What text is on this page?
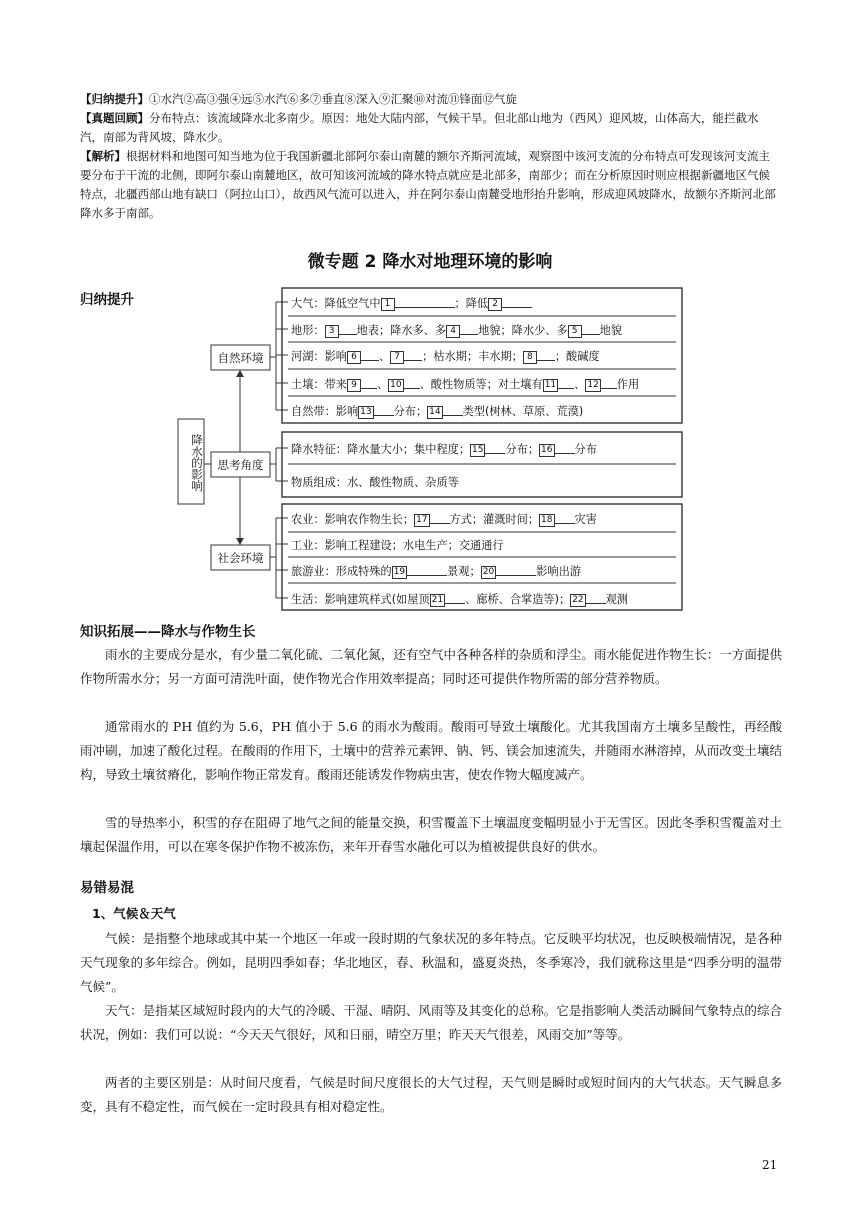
【归纳提升】①水汽②高③强④远⑤水汽⑥多⑦垂直⑧深入⑨汇聚⑩对流⑪锋面⑫气旋

【真题回顾】分布特点：该流域降水北多南少。原因：地处大陆内部，气候干旱。但北部山地为（西风）迎风坡，山体高大，能拦截水汽，南部为背风坡，降水少。

【解析】根据材料和地图可知当地为位于我国新疆北部阿尔泰山南麓的额尔齐斯河流域，观察图中该河支流的分布特点可发现该河支流主要分布于干流的北侧，即阿尔泰山南麓地区，故可知该河流域的降水特点就应是北部多，南部少；而在分析原因时则应根据新疆地区气候特点，北疆西部山地有缺口（阿拉山口），故西风气流可以进入，并在阿尔泰山南麓受地形抬升影响，形成迎风坡降水，故额尔齐斯河北部降水多于南部。

微专题 2 降水对地理环境的影响
归纳提升
降水的影响
自然环境
思考角度
社会环境
大气：降低空气中 1	；降低 2
地形： 3 地表；降水多、多 4 地貌；降水少、多 5 地貌
河湖：影响 6 、 7 ；枯水期；丰水期； 8 ；酸碱度
土壤：带来 9 、 10 、酸性物质等；对土壤有 11 、 12 作用
自然带：影响 13 分布； 14 类型(树林、草原、荒漠)
降水特征：降水量大小；集中程度； 15 分布； 16 分布
物质组成：水、酸性物质、杂质等
农业：影响农作物生长； 17 方式；灌溉时间； 18 灾害
工业：影响工程建设；水电生产；交通通行
旅游业：形成特殊的 19	景观； 20	影响出游
生活：影响建筑样式(如屋顶 21 、廊桥、合掌造等)； 22 观测
知识拓展——降水与作物生长

雨水的主要成分是水，有少量二氧化硫、二氧化氮，还有空气中各种各样的杂质和浮尘。雨水能促进作物生长：一方面提供作物所需水分；另一方面可清洗叶面，使作物光合作用效率提高；同时还可提供作物所需的部分营养物质。

通常雨水的 PH 值约为 5.6，PH 值小于 5.6 的雨水为酸雨。酸雨可导致土壤酸化。尤其我国南方土壤多呈酸性，再经酸雨冲刷，加速了酸化过程。在酸雨的作用下，土壤中的营养元素钾、钠、钙、镁会加速流失，并随雨水淋溶掉，从而改变土壤结构，导致土壤贫瘠化，影响作物正常发育。酸雨还能诱发作物病虫害，使农作物大幅度减产。

雪的导热率小，积雪的存在阻碍了地气之间的能量交换，积雪覆盖下土壤温度变幅明显小于无雪区。因此冬季积雪覆盖对土壤起保温作用，可以在寒冬保护作物不被冻伤，来年开春雪水融化可以为植被提供良好的供水。

易错易混
1、气候＆天气

气候：是指整个地球或其中某一个地区一年或一段时期的气象状况的多年特点。它反映平均状况，也反映极端情况，是各种天气现象的多年综合。例如，昆明四季如春；华北地区，春、秋温和，盛夏炎热，冬季寒冷，我们就称这里是“四季分明的温带气候”。

天气：是指某区域短时段内的大气的冷暖、干湿、晴阴、风雨等及其变化的总称。它是指影响人类活动瞬间气象特点的综合状况，例如：我们可以说：“今天天气很好，风和日丽，晴空万里；昨天天气很差，风雨交加”等等。

两者的主要区别是：从时间尺度看，气候是时间尺度很长的大气过程，天气则是瞬时或短时间内的大气状态。天气瞬息多变，具有不稳定性，而气候在一定时段具有相对稳定性。

21
